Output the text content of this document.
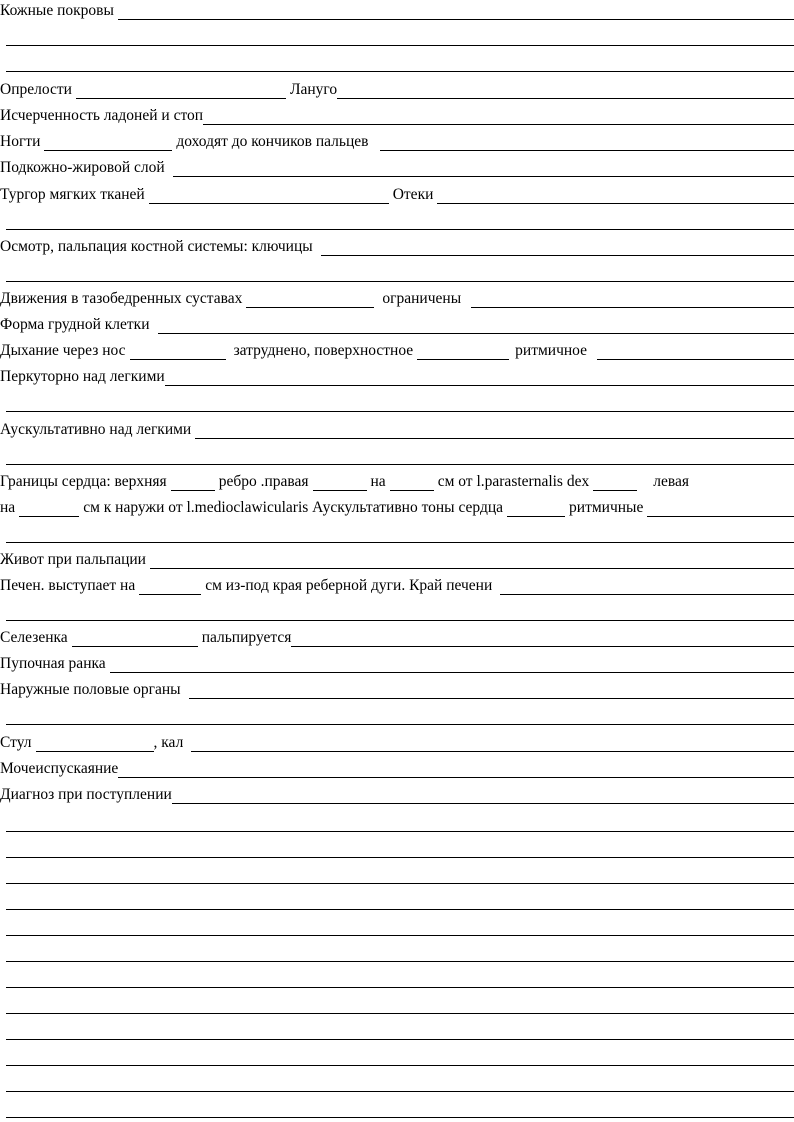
Кожные покровы
Опрелости	Лануго
Исчерченность ладоней и стоп
Ногти	доходят до кончиков пальцев
Подкожно-жировой слой
Тургор мягких тканей	Отеки
Осмотр, пальпация костной системы: ключицы
Движения в тазобедренных суставах	ограничены
Форма грудной клетки
Дыхание через нос	затруднено, поверхностное	ритмичное
Перкуторно над легкими
Аускультативно над легкими
Границы сердца: верхняя	ребро .правая	на	см от l.parasternalis dex	левая
на	см к наружи от l.medioclawicularis Аускультативно тоны сердца	ритмичные
Живот при пальпации
Печен. выступает на	см из-под края реберной дуги. Край печени
Селезенка	пальпируется
Пупочная ранка
Наружные половые органы
Стул	, кал
Мочеиспускаяние
Диагноз при поступлении
